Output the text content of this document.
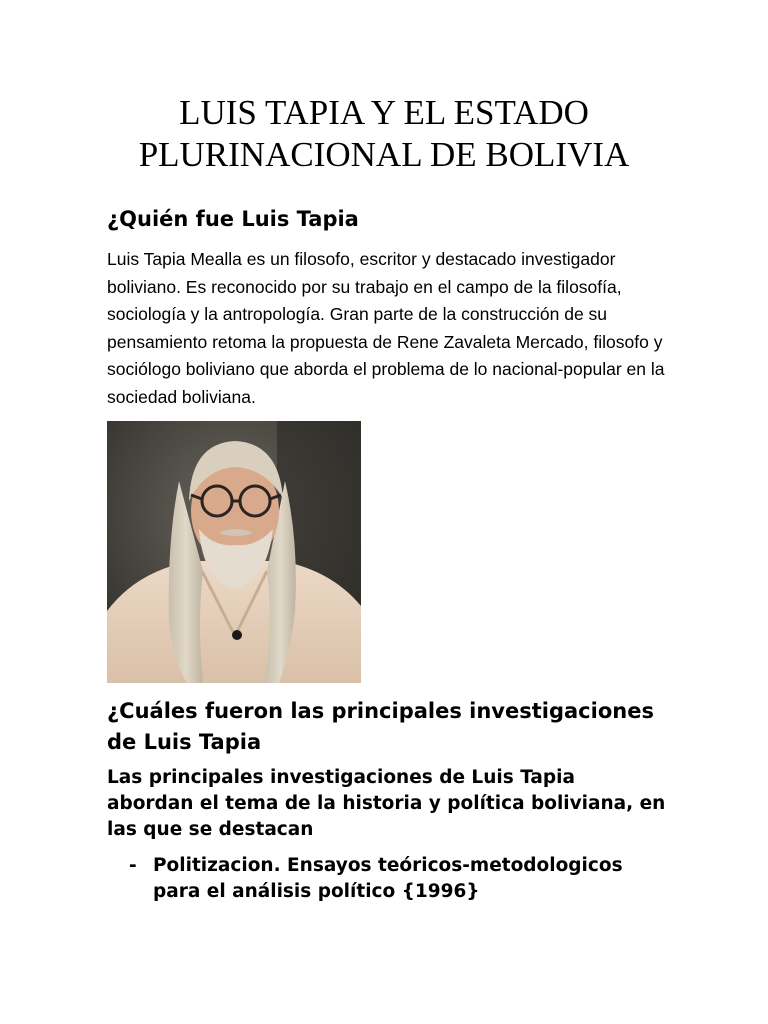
LUIS TAPIA Y EL ESTADO PLURINACIONAL DE BOLIVIA
¿Quién fue Luis Tapia

Luis Tapia Mealla es un filosofo, escritor y destacado investigador boliviano. Es reconocido por su trabajo en el campo de la filosofía, sociología y la antropología. Gran parte de la construcción de su pensamiento retoma la propuesta de Rene Zavaleta Mercado, filosofo y sociólogo boliviano que aborda el problema de lo nacional-popular en la sociedad boliviana.

¿Cuáles fueron las principales investigaciones de Luis Tapia

Las principales investigaciones de Luis Tapia abordan el tema de la historia y política boliviana, en las que se destacan

- Politizacion. Ensayos teóricos-metodologicos para el análisis político {1996}
